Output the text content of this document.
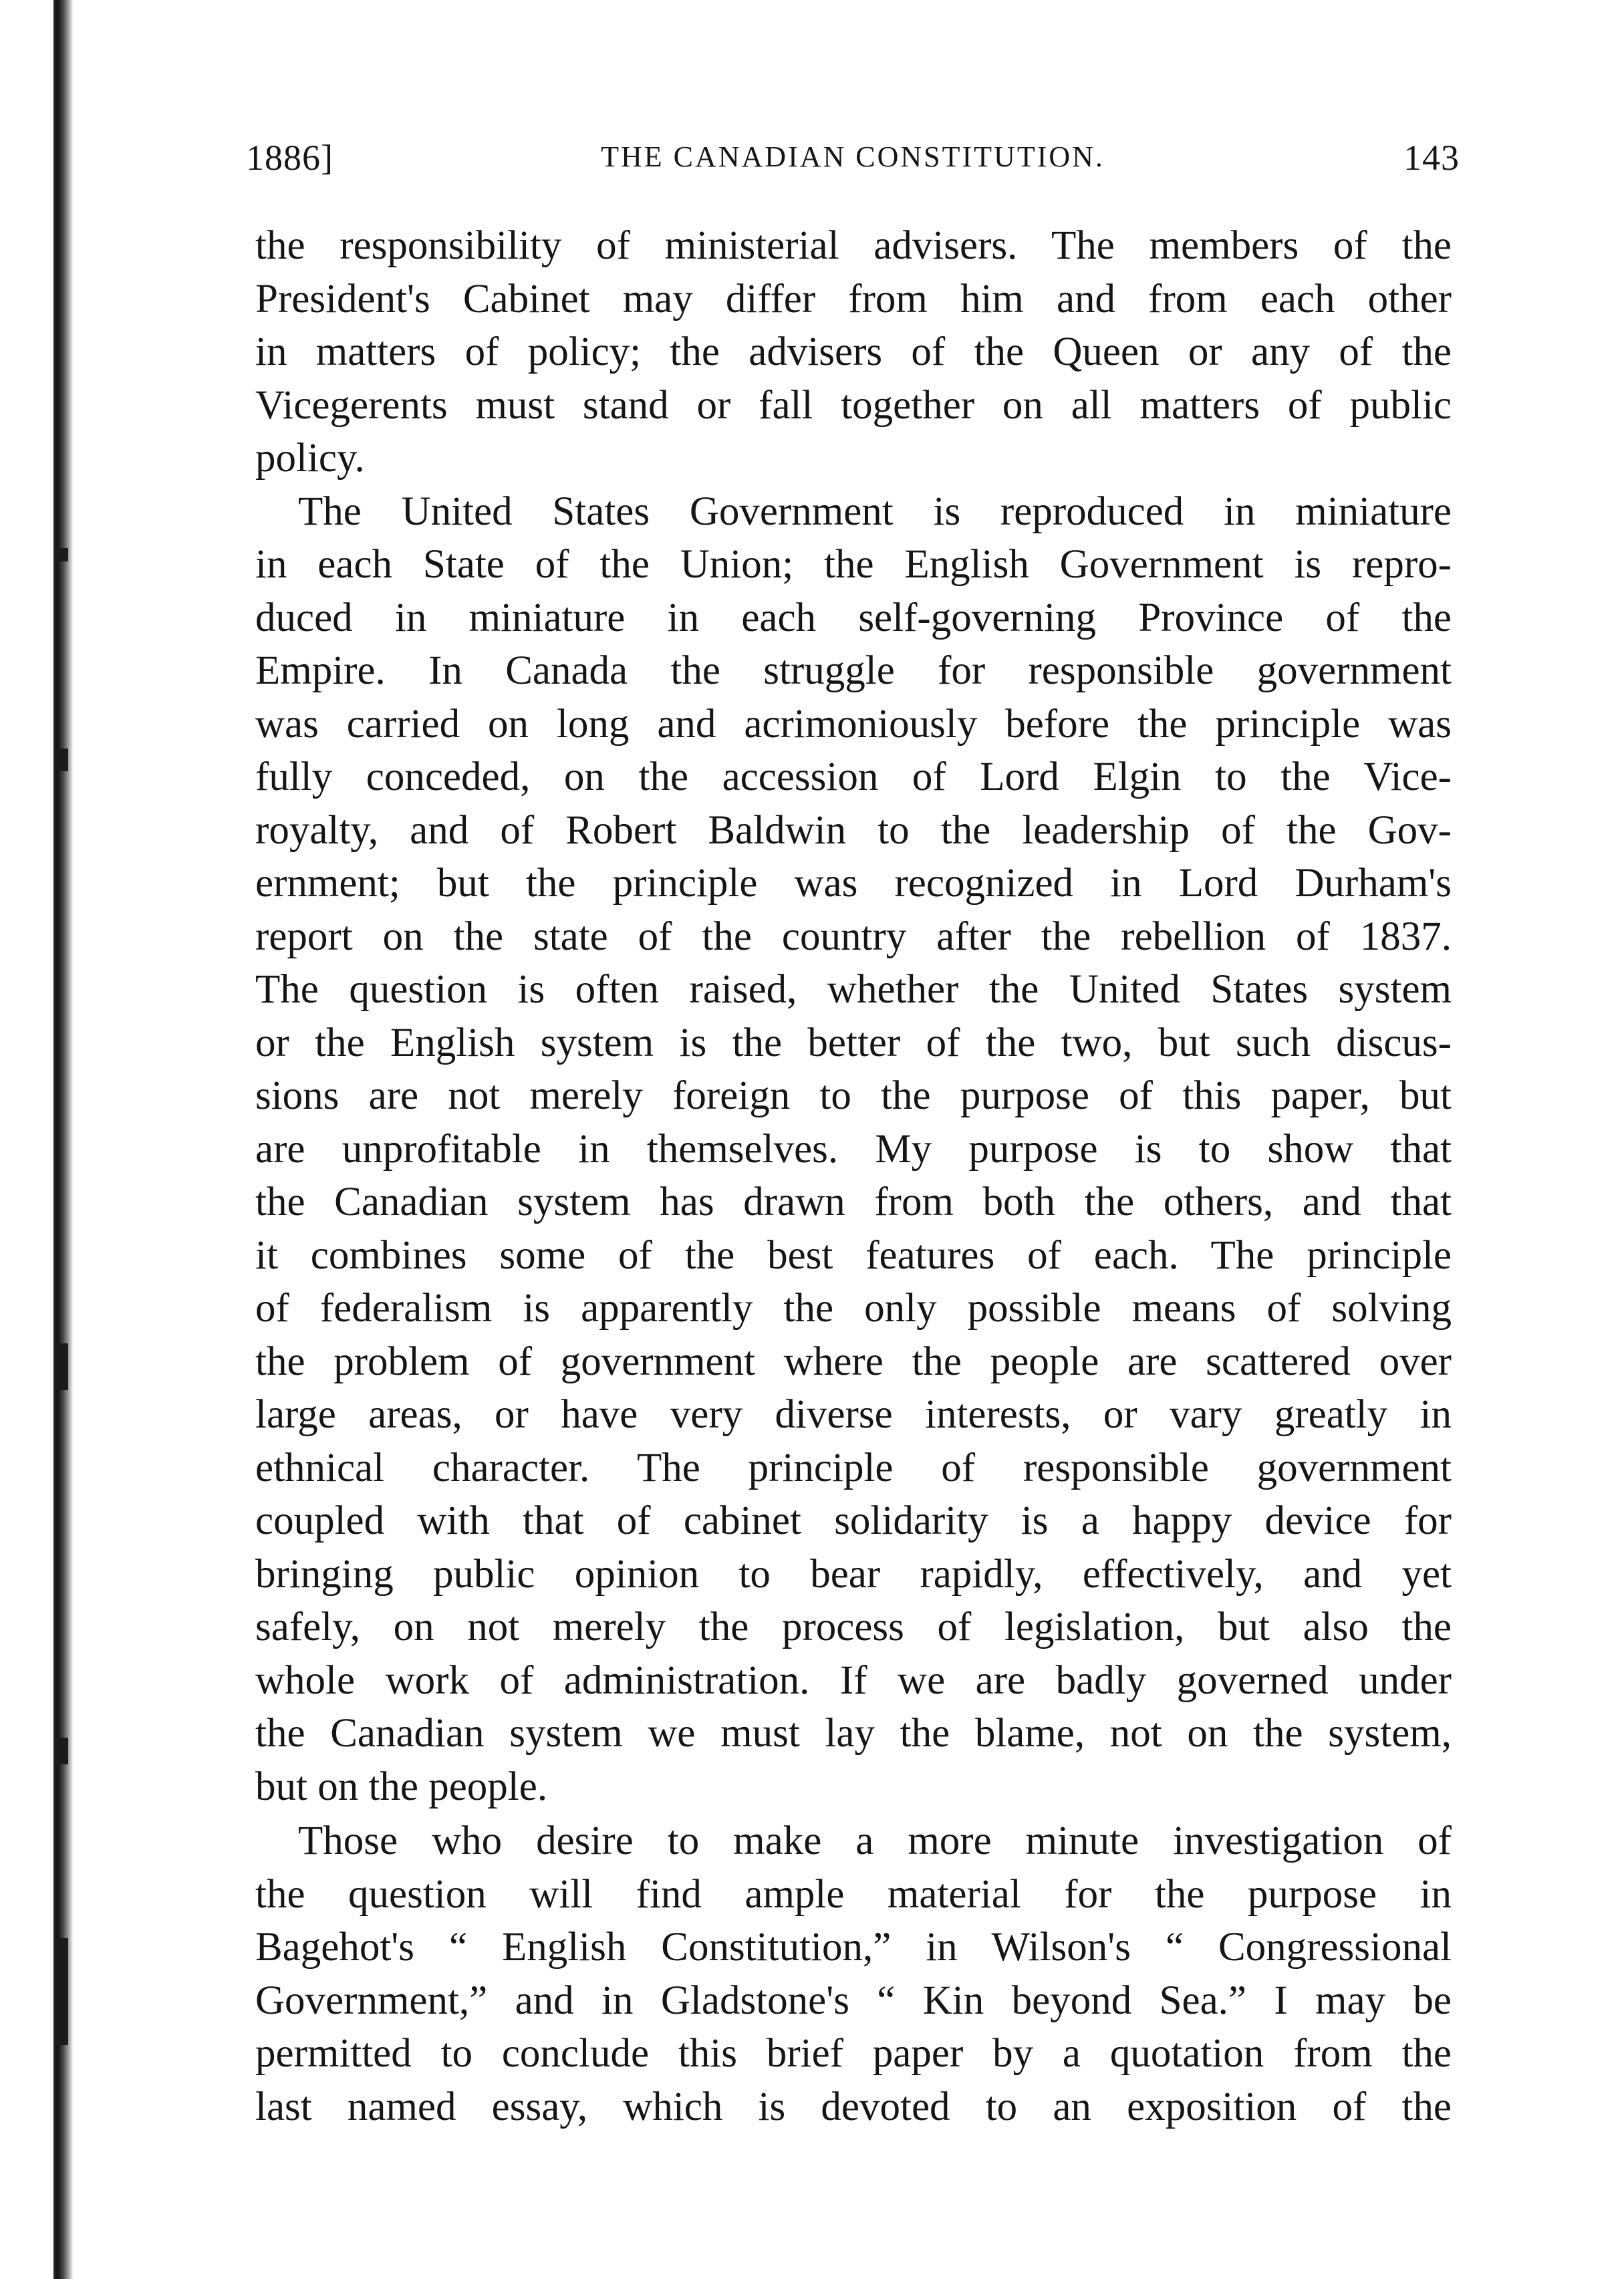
1886]	THE CANADIAN CONSTITUTION.	143
the responsibility of ministerial advisers. The members of the
President's Cabinet may differ from him and from each other
in matters of policy; the advisers of the Queen or any of the
Vicegerents must stand or fall together on all matters of public
policy.
The United States Government is reproduced in miniature
in each State of the Union; the English Government is repro-
duced in miniature in each self-governing Province of the
Empire. In Canada the struggle for responsible government
was carried on long and acrimoniously before the principle was
fully conceded, on the accession of Lord Elgin to the Vice-
royalty, and of Robert Baldwin to the leadership of the Gov-
ernment; but the principle was recognized in Lord Durham's
report on the state of the country after the rebellion of 1837.
The question is often raised, whether the United States system
or the English system is the better of the two, but such discus-
sions are not merely foreign to the purpose of this paper, but
are unprofitable in themselves. My purpose is to show that
the Canadian system has drawn from both the others, and that
it combines some of the best features of each. The principle
of federalism is apparently the only possible means of solving
the problem of government where the people are scattered over
large areas, or have very diverse interests, or vary greatly in
ethnical character. The principle of responsible government
coupled with that of cabinet solidarity is a happy device for
bringing public opinion to bear rapidly, effectively, and yet
safely, on not merely the process of legislation, but also the
whole work of administration. If we are badly governed under
the Canadian system we must lay the blame, not on the system,
but on the people.
Those who desire to make a more minute investigation of
the question will find ample material for the purpose in
Bagehot's “ English Constitution,” in Wilson's “ Congressional
Government,” and in Gladstone's “ Kin beyond Sea.” I may be
permitted to conclude this brief paper by a quotation from the
last named essay, which is devoted to an exposition of the
